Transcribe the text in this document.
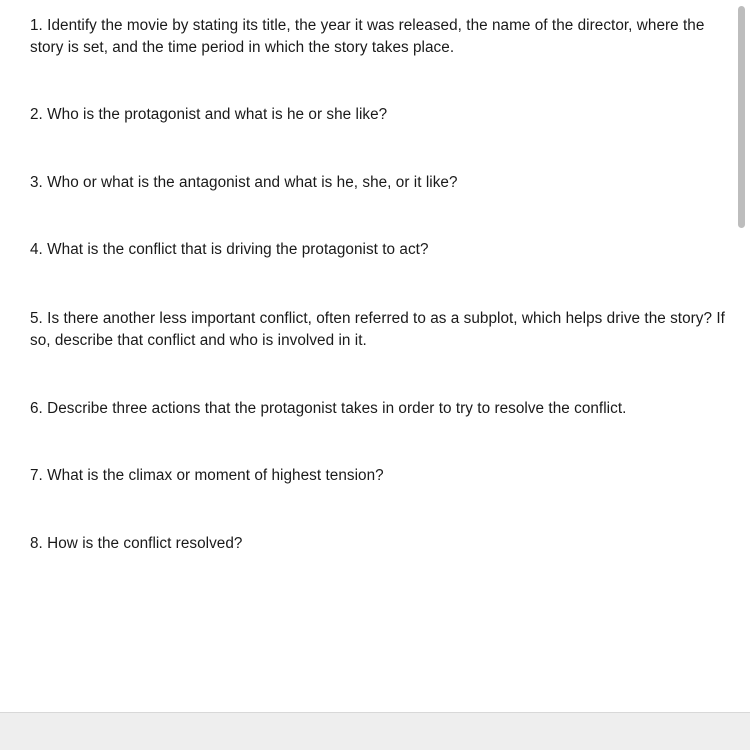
1. Identify the movie by stating its title, the year it was released, the name of the director, where the story is set, and the time period in which the story takes place.

2. Who is the protagonist and what is he or she like?

3. Who or what is the antagonist and what is he, she, or it like?

4. What is the conflict that is driving the protagonist to act?

5. Is there another less important conflict, often referred to as a subplot, which helps drive the story? If so, describe that conflict and who is involved in it.

6. Describe three actions that the protagonist takes in order to try to resolve the conflict.

7. What is the climax or moment of highest tension?

8. How is the conflict resolved?
